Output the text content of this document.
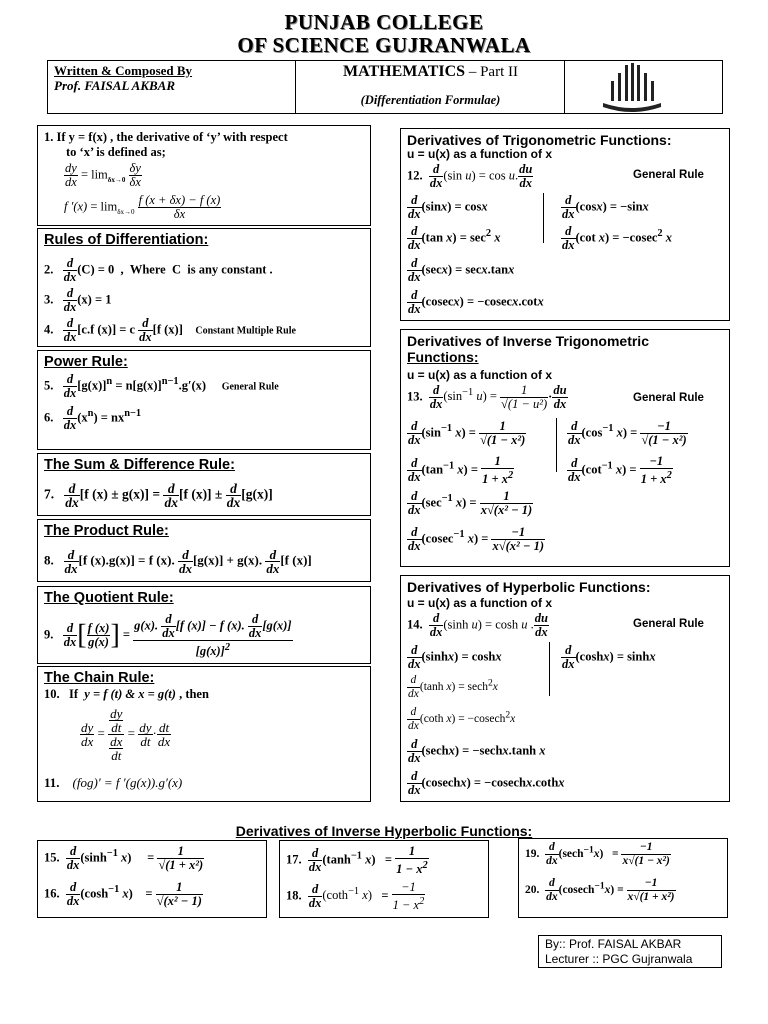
PUNJAB COLLEGE
OF SCIENCE GUJRANWALA
Written & Composed By
Prof. FAISAL AKBAR
MATHEMATICS – Part II
(Differentiation Formulae)
1. If y = f(x) , the derivative of ‘y’ with respect
to ‘x’ is defined as;
$\frac{dy}{dx} = \lim_{\delta x\to 0} \frac{\delta y}{\delta x}$
f $'(x) = \lim_{\delta x\to 0} \frac{f (x + \delta x) - f (x)}{\delta x}$
Rules of Differentiation:
2. $\frac{d}{dx} (C) = 0$  ,  Where  C  is any constant .
3. $\frac{d}{dx} (x) = 1$
4. $\frac{d}{dx} [c.f$ (x)] = c $\frac{d}{dx} [f$ (x)]    Constant Multiple Rule
Power Rule:
5. $\frac{d}{dx} [g(x)]^n = n[g(x)]^{n-1}.g'(x)$     General Rule
6. $\frac{d}{dx} (x^n) = nx^{n-1}$
The Sum & Difference Rule:
7. $\frac{d}{dx} [f$ $(x) \pm g(x)] = \frac{d}{dx} [f$ $(x)] \pm \frac{d}{dx} [g(x)]$
The Product Rule:
8. $\frac{d}{dx} [f$ (x).g(x)] = f (x). $\frac{d}{dx} [g(x)] + g(x)$. $\frac{d}{dx} [f$ (x)]
The Quotient Rule:
9. $\frac{d}{dx}$ [ $\frac{f (x)}{g(x)}$ ] = $\frac{g(x). \frac{d}{dx} [f (x)] - f (x). \frac{d}{dx} [g(x)]}{[g(x)]^2}$
The Chain Rule:
10.   If  y = f (t) & x = g(t) , then
$\frac{dy}{dx} = \frac{\frac{dy}{dt}}{\frac{dx}{dt}} = \frac{dy}{dt} \cdot \frac{dt}{dx}$
11.    (fog)′ = f ′(g(x)).g′(x)
Derivatives of Trigonometric Functions:
u = u(x) as a function of x
12. $\frac{d}{dx} (\sin$ u) = cos u. $\frac{du}{dx}$	General Rule
$\frac{d}{dx} (\sin x) = \cos x$	$\frac{d}{dx} (\cos x) = -\sin x$
$\frac{d}{dx} (\tan$ $x) = \sec^2 x$	$\frac{d}{dx} (\cot$ x) = −cosec$^2$ x
$\frac{d}{dx} (\sec x) = \sec x.\tan x$
$\frac{d}{dx} (cosecx) = -cosecx.\cot x$
Derivatives of Inverse Trigonometric
Functions:
u = u(x) as a function of x
13. $\frac{d}{dx} (\sin^{-1}$ $u) = \frac{1}{\text{√(1 − u²)}} \cdot \frac{du}{dx}$	General Rule
$\frac{d}{dx} (\sin^{-1}$ $x) = \frac{1}{\text{√(1 − x²)}}$	$\frac{d}{dx} (\cos^{-1}$ $x) = \frac{-1}{\text{√(1 − x²)}}$
$\frac{d}{dx} (\tan^{-1}$ $x) = \frac{1}{1 + x^2}$	$\frac{d}{dx} (\cot^{-1}$ $x) = \frac{-1}{1 + x^2}$
$\frac{d}{dx} (\sec^{-1}$ $x) = \frac{1}{\text{x√(x² − 1)}}$
$\frac{d}{dx} (cosec^{-1}$ $x) = \frac{-1}{\text{x√(x² − 1)}}$
Derivatives of Hyperbolic Functions:
u = u(x) as a function of x
14. $\frac{d}{dx} (\sinh$ u) = cosh u . $\frac{du}{dx}$	General Rule
$\frac{d}{dx} (\sinh x) = \cosh x$	$\frac{d}{dx} (\cosh x) = \sinh x$
$\frac{d}{dx} (\tanh$ x) = sech$^2$x
$\frac{d}{dx} (\cot h$ x) = −cosech$^2$x
$\frac{d}{dx}$ (sechx) = −sechx.tanh x
$\frac{d}{dx}$ (cosechx) = −cosechx.cothx
Derivatives of Inverse Hyperbolic Functions:
15. $\frac{d}{dx} (\sinh^{-1}$ x)     = $\frac{1}{\text{√(1 + x²)}}$
16. $\frac{d}{dx} (\cosh^{-1}$ x)    = $\frac{1}{\text{√(x² − 1)}}$
17. $\frac{d}{dx} (\tanh^{-1}$ $x) = \frac{1}{1 - x^2}$
18. $\frac{d}{dx} (\cot h^{-1}$ $x) = \frac{-1}{1 - x^2}$
19. $\frac{d}{dx} (\sec h^{-1}x) = \frac{-1}{\text{x√(1 − x²)}}$
20. $\frac{d}{dx} (cosech^{-1}x) = \frac{-1}{\text{x√(1 + x²)}}$
By:: Prof. FAISAL AKBAR
Lecturer :: PGC Gujranwala
